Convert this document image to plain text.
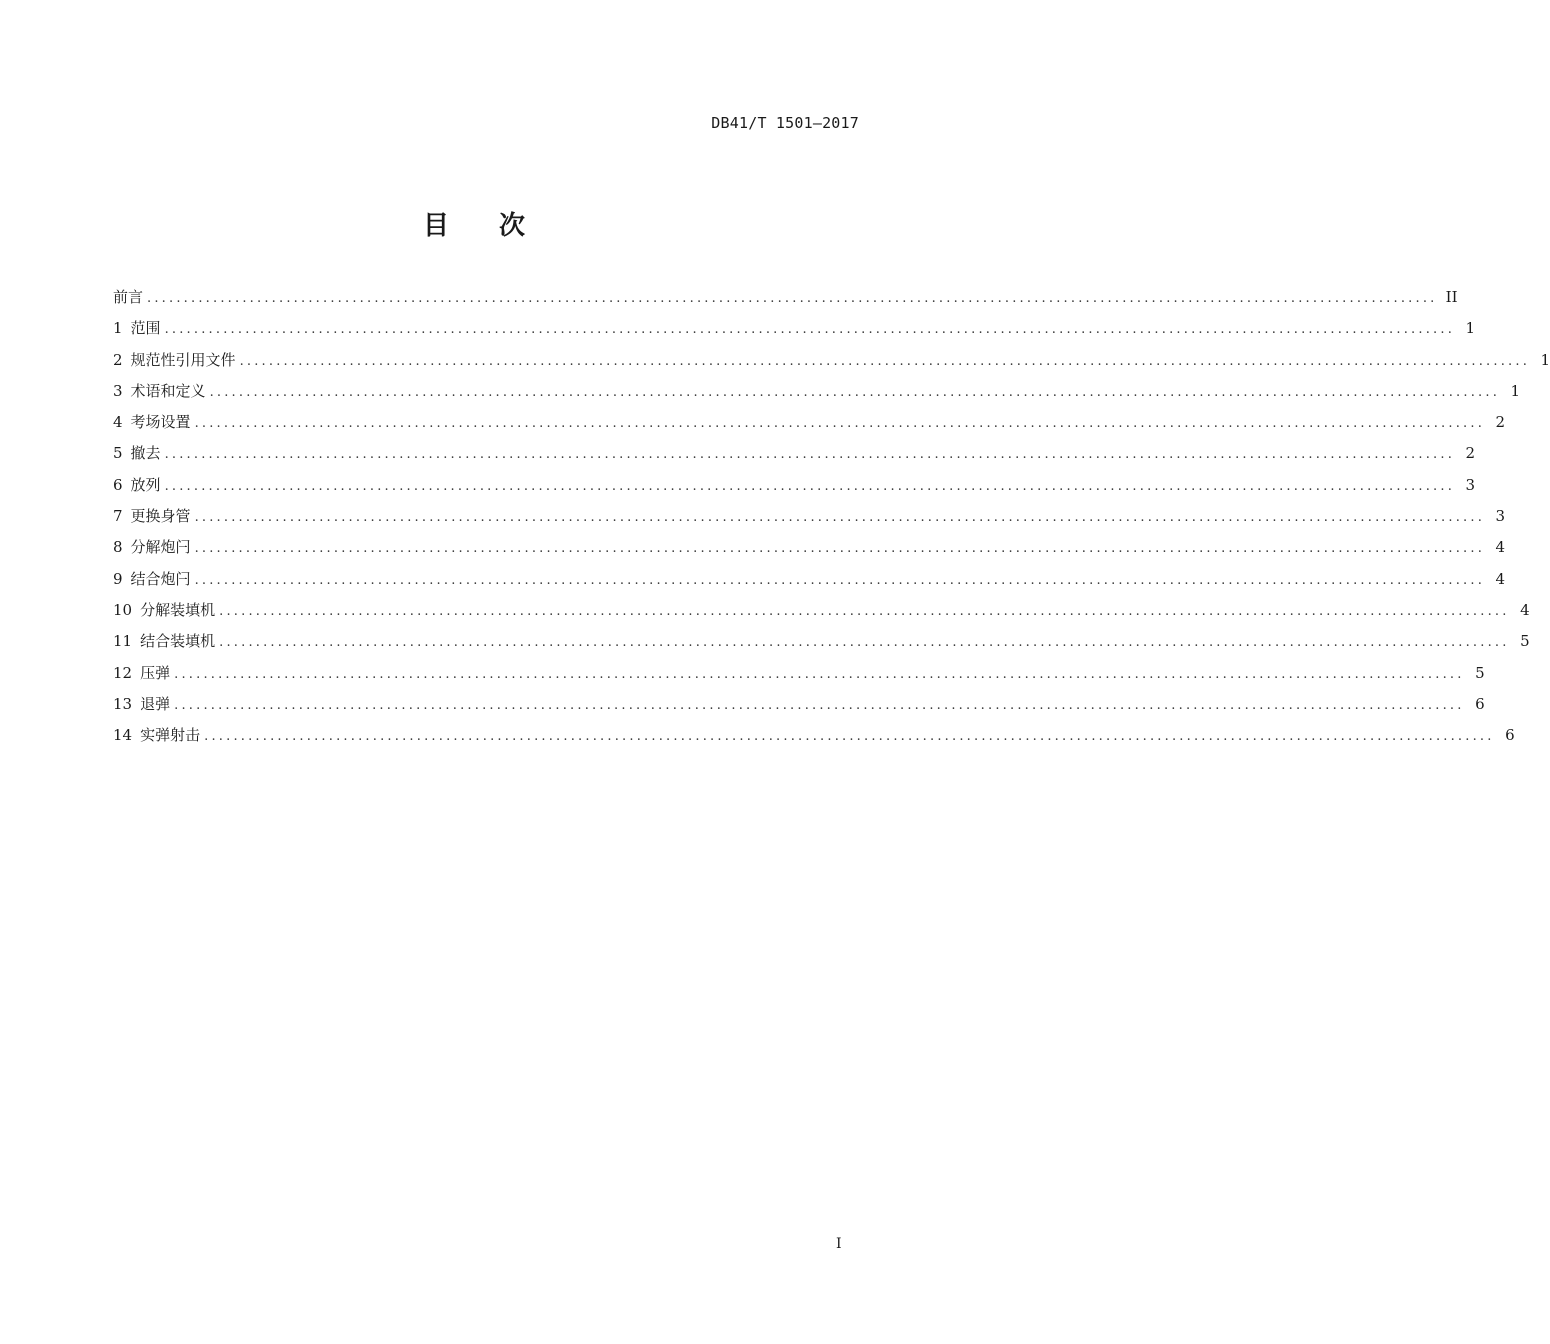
DB41/T 1501—2017
目 次
前言 ................................................................................................................................................................................ II
1 范围 ................................................................................................................................................................................ 1
2 规范性引用文件 ................................................................................................................................................................................ 1
3 术语和定义 ................................................................................................................................................................................ 1
4 考场设置 ................................................................................................................................................................................ 2
5 撤去 ................................................................................................................................................................................ 2
6 放列 ................................................................................................................................................................................ 3
7 更换身管 ................................................................................................................................................................................ 3
8 分解炮闩 ................................................................................................................................................................................ 4
9 结合炮闩 ................................................................................................................................................................................ 4
10 分解装填机 ................................................................................................................................................................................ 4
11 结合装填机 ................................................................................................................................................................................ 5
12 压弹 ................................................................................................................................................................................ 5
13 退弹 ................................................................................................................................................................................ 6
14 实弹射击 ................................................................................................................................................................................ 6
I
